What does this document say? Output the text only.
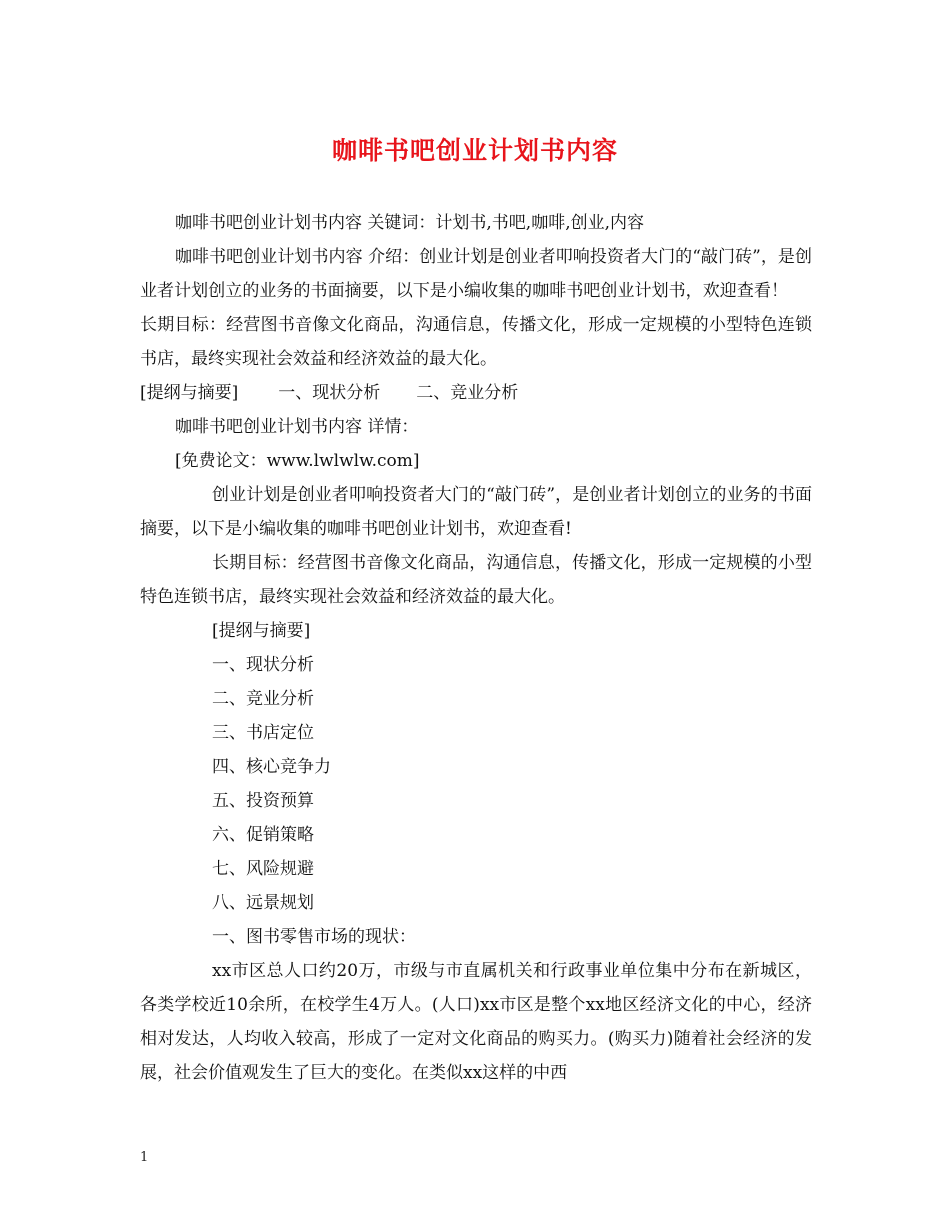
咖啡书吧创业计划书内容

咖啡书吧创业计划书内容 关键词：计划书,书吧,咖啡,创业,内容

咖啡书吧创业计划书内容 介绍：创业计划是创业者叩响投资者大门的“敲门砖”，是创业者计划创立的业务的书面摘要，以下是小编收集的咖啡书吧创业计划书，欢迎查看！长期目标：经营图书音像文化商品，沟通信息，传播文化，形成一定规模的小型特色连锁书店，最终实现社会效益和经济效益的最大化。

[提纲与摘要] 一、现状分析 二、竞业分析

咖啡书吧创业计划书内容 详情：

[免费论文：www.lwlwlw.com]

创业计划是创业者叩响投资者大门的“敲门砖”，是创业者计划创立的业务的书面摘要，以下是小编收集的咖啡书吧创业计划书，欢迎查看!

长期目标：经营图书音像文化商品，沟通信息，传播文化，形成一定规模的小型特色连锁书店，最终实现社会效益和经济效益的最大化。

[提纲与摘要]

一、现状分析

二、竞业分析

三、书店定位

四、核心竞争力

五、投资预算

六、促销策略

七、风险规避

八、远景规划

一、图书零售市场的现状：

xx市区总人口约20万，市级与市直属机关和行政事业单位集中分布在新城区，各类学校近10余所，在校学生4万人。(人口)xx市区是整个xx地区经济文化的中心，经济相对发达，人均收入较高，形成了一定对文化商品的购买力。(购买力)随着社会经济的发展，社会价值观发生了巨大的变化。在类似xx这样的中西

1
